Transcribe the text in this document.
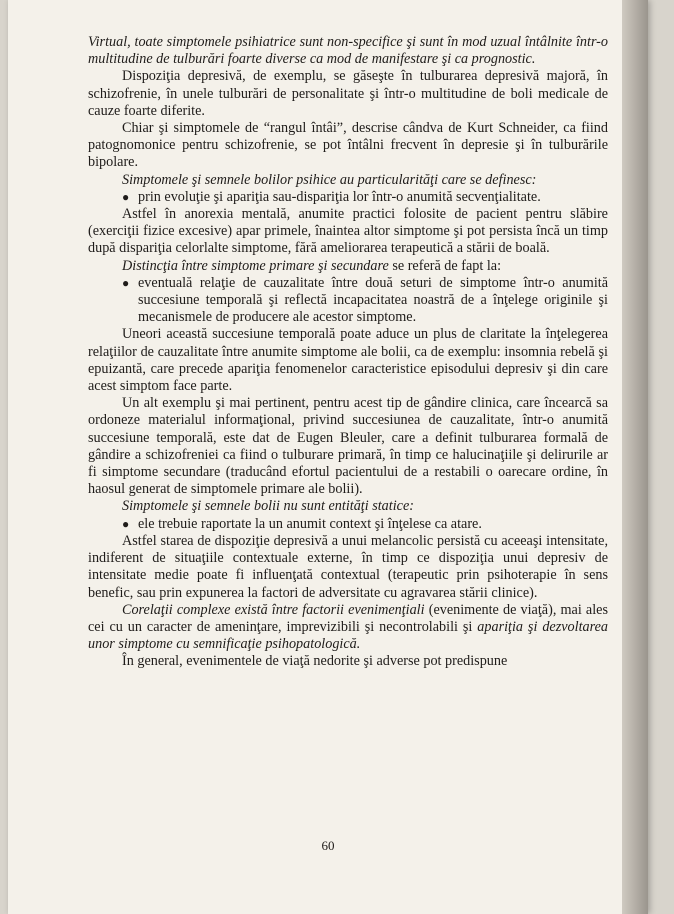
Virtual, toate simptomele psihiatrice sunt non-specifice şi sunt în mod uzual întâlnite într-o multitudine de tulburări foarte diverse ca mod de manifestare şi ca prognostic.

Dispoziţia depresivă, de exemplu, se găseşte în tulburarea depresivă majoră, în schizofrenie, în unele tulburări de personalitate şi într-o multitudine de boli medicale de cauze foarte diferite.

Chiar şi simptomele de “rangul întâi”, descrise cândva de Kurt Schneider, ca fiind patognomonice pentru schizofrenie, se pot întâlni frecvent în depresie şi în tulburările bipolare.

Simptomele şi semnele bolilor psihice au particularităţi care se definesc:

● prin evoluţie şi apariţia sau-dispariţia lor într-o anumită secvenţialitate.

Astfel în anorexia mentală, anumite practici folosite de pacient pentru slăbire (exerciţii fizice excesive) apar primele, înaintea altor simptome şi pot persista încă un timp după dispariţia celorlalte simptome, fără ameliorarea terapeutică a stării de boală.

Distincţia între simptome primare şi secundare se referă de fapt la:

● eventuală relaţie de cauzalitate între două seturi de simptome într-o anumită succesiune temporală şi reflectă incapacitatea noastră de a înţelege originile şi mecanismele de producere ale acestor simptome.

Uneori această succesiune temporală poate aduce un plus de claritate la înţelegerea relaţiilor de cauzalitate între anumite simptome ale bolii, ca de exemplu: insomnia rebelă şi epuizantă, care precede apariţia fenomenelor caracteristice episodului depresiv şi din care acest simptom face parte.

Un alt exemplu şi mai pertinent, pentru acest tip de gândire clinica, care încearcă sa ordoneze materialul informaţional, privind succesiunea de cauzalitate, într-o anumită succesiune temporală, este dat de Eugen Bleuler, care a definit tulburarea formală de gândire a schizofreniei ca fiind o tulburare primară, în timp ce halucinaţiile şi delirurile ar fi simptome secundare (traducând efortul pacientului de a restabili o oarecare ordine, în haosul generat de simptomele primare ale bolii).

Simptomele şi semnele bolii nu sunt entităţi statice:

● ele trebuie raportate la un anumit context şi înţelese ca atare.

Astfel starea de dispoziţie depresivă a unui melancolic persistă cu aceeaşi intensitate, indiferent de situaţiile contextuale externe, în timp ce dispoziţia unui depresiv de intensitate medie poate fi influenţată contextual (terapeutic prin psihoterapie în sens benefic, sau prin expunerea la factori de adversitate cu agravarea stării clinice).

Corelaţii complexe există între factorii evenimenţiali (evenimente de viaţă), mai ales cei cu un caracter de ameninţare, imprevizibili şi necontrolabili şi apariţia şi dezvoltarea unor simptome cu semnificaţie psihopatologică.

În general, evenimentele de viaţă nedorite şi adverse pot predispune

60
